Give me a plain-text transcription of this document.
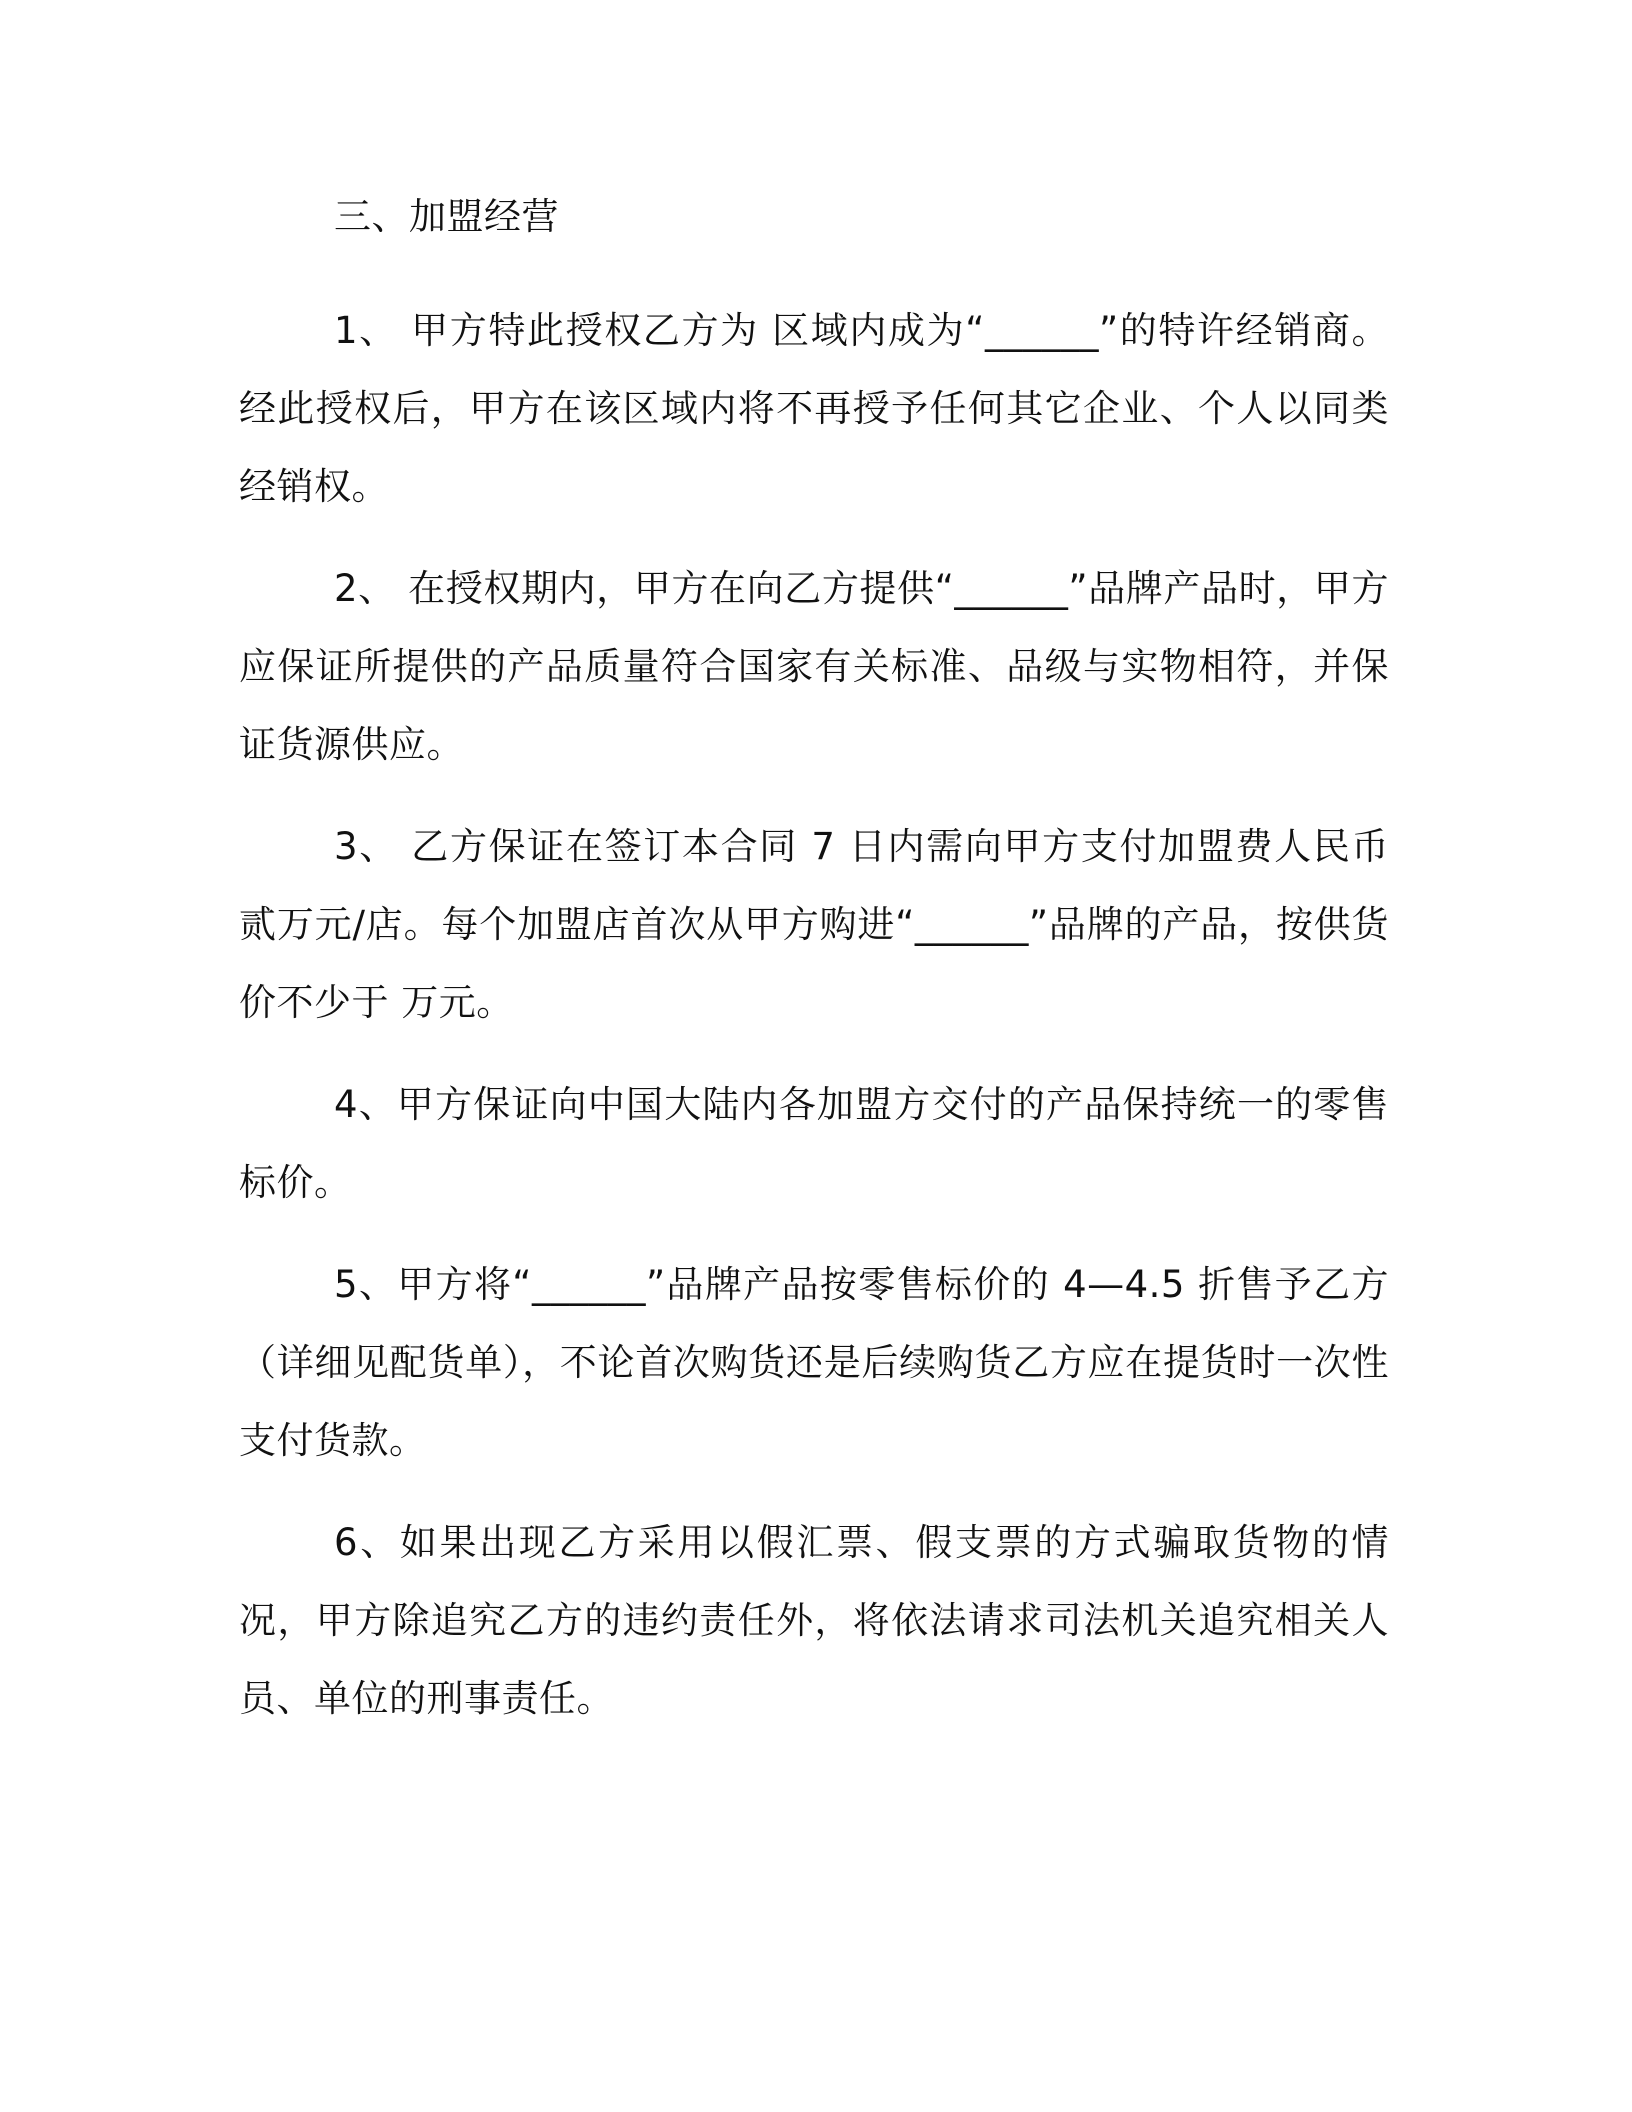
三、加盟经营

1、 甲方特此授权乙方为 区域内成为“______”的特许经销商。经此授权后，甲方在该区域内将不再授予任何其它企业、个人以同类经销权。

2、 在授权期内，甲方在向乙方提供“______”品牌产品时，甲方应保证所提供的产品质量符合国家有关标准、品级与实物相符，并保证货源供应。

3、 乙方保证在签订本合同 7 日内需向甲方支付加盟费人民币贰万元/店。每个加盟店首次从甲方购进“______”品牌的产品，按供货价不少于 万元。

4、甲方保证向中国大陆内各加盟方交付的产品保持统一的零售标价。

5、甲方将“______”品牌产品按零售标价的 4—4.5 折售予乙方（详细见配货单），不论首次购货还是后续购货乙方应在提货时一次性支付货款。

6、如果出现乙方采用以假汇票、假支票的方式骗取货物的情况，甲方除追究乙方的违约责任外，将依法请求司法机关追究相关人员、单位的刑事责任。
